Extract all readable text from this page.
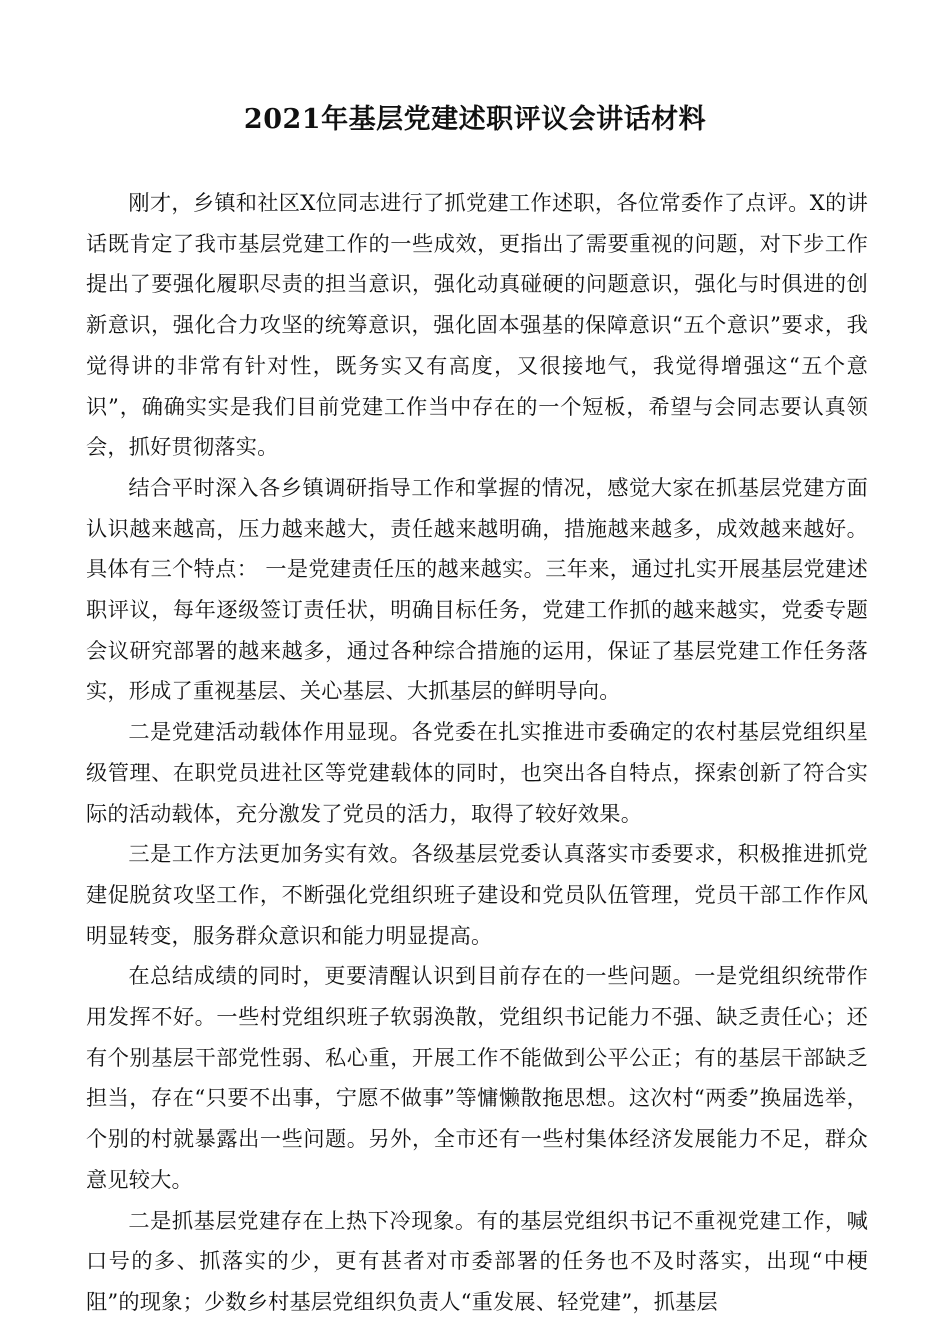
2021年基层党建述职评议会讲话材料

刚才，乡镇和社区X位同志进行了抓党建工作述职，各位常委作了点评。X的讲话既肯定了我市基层党建工作的一些成效，更指出了需要重视的问题，对下步工作提出了要强化履职尽责的担当意识，强化动真碰硬的问题意识，强化与时俱进的创新意识，强化合力攻坚的统筹意识，强化固本强基的保障意识“五个意识”要求，我觉得讲的非常有针对性，既务实又有高度，又很接地气，我觉得增强这“五个意识”，确确实实是我们目前党建工作当中存在的一个短板，希望与会同志要认真领会，抓好贯彻落实。

结合平时深入各乡镇调研指导工作和掌握的情况，感觉大家在抓基层党建方面认识越来越高，压力越来越大，责任越来越明确，措施越来越多，成效越来越好。具体有三个特点： 一是党建责任压的越来越实。三年来，通过扎实开展基层党建述职评议，每年逐级签订责任状，明确目标任务，党建工作抓的越来越实，党委专题会议研究部署的越来越多，通过各种综合措施的运用，保证了基层党建工作任务落实，形成了重视基层、关心基层、大抓基层的鲜明导向。

二是党建活动载体作用显现。各党委在扎实推进市委确定的农村基层党组织星级管理、在职党员进社区等党建载体的同时，也突出各自特点，探索创新了符合实际的活动载体，充分激发了党员的活力，取得了较好效果。

三是工作方法更加务实有效。各级基层党委认真落实市委要求，积极推进抓党建促脱贫攻坚工作，不断强化党组织班子建设和党员队伍管理，党员干部工作作风明显转变，服务群众意识和能力明显提高。

在总结成绩的同时，更要清醒认识到目前存在的一些问题。一是党组织统带作用发挥不好。一些村党组织班子软弱涣散，党组织书记能力不强、缺乏责任心；还有个别基层干部党性弱、私心重，开展工作不能做到公平公正；有的基层干部缺乏担当，存在“只要不出事，宁愿不做事”等慵懒散拖思想。这次村“两委”换届选举，个别的村就暴露出一些问题。另外，全市还有一些村集体经济发展能力不足，群众意见较大。

二是抓基层党建存在上热下冷现象。有的基层党组织书记不重视党建工作，喊口号的多、抓落实的少，更有甚者对市委部署的任务也不及时落实，出现“中梗阻”的现象；少数乡村基层党组织负责人“重发展、轻党建”，抓基层
